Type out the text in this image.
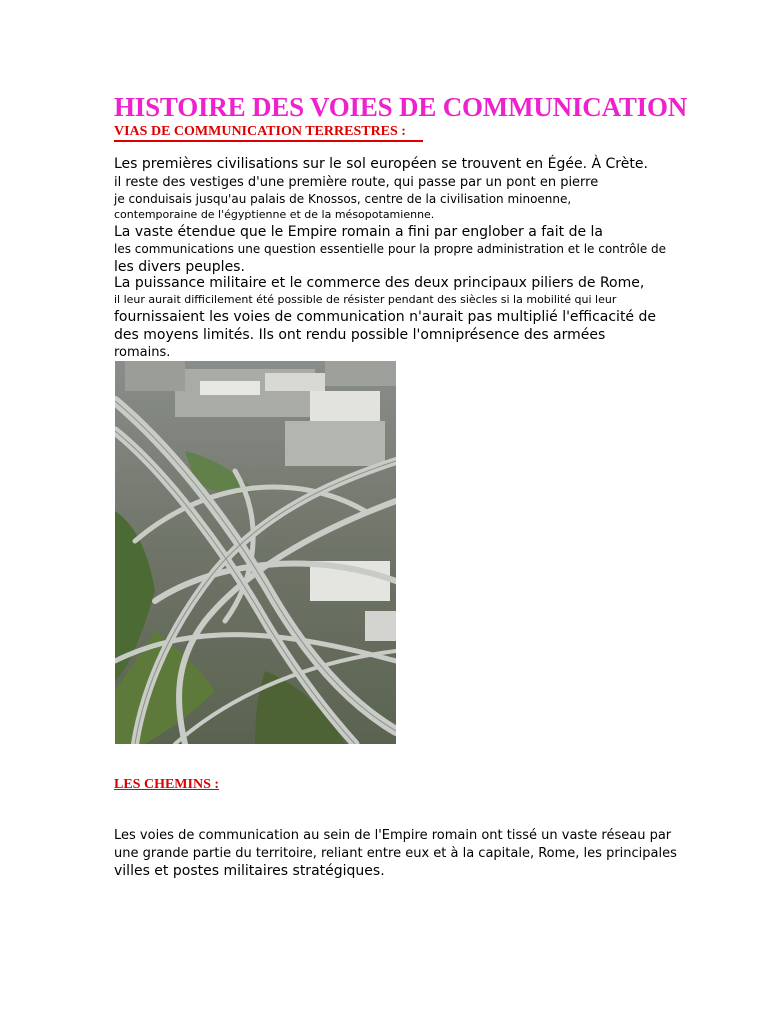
HISTOIRE DES VOIES DE COMMUNICATION
VIAS DE COMMUNICATION TERRESTRES :
Les premières civilisations sur le sol européen se trouvent en Égée. À Crète.
il reste des vestiges d'une première route, qui passe par un pont en pierre
je conduisais jusqu'au palais de Knossos, centre de la civilisation minoenne,
contemporaine de l'égyptienne et de la mésopotamienne.
La vaste étendue que le Empire romain a fini par englober a fait de la
les communications une question essentielle pour la propre administration et le contrôle de
les divers peuples.
La puissance militaire et le commerce des deux principaux piliers de Rome,
il leur aurait difficilement été possible de résister pendant des siècles si la mobilité qui leur
fournissaient les voies de communication n'aurait pas multiplié l'efficacité de
des moyens limités. Ils ont rendu possible l'omniprésence des armées
romains.
LES CHEMINS :
Les voies de communication au sein de l'Empire romain ont tissé un vaste réseau par
une grande partie du territoire, reliant entre eux et à la capitale, Rome, les principales
villes et postes militaires stratégiques.
